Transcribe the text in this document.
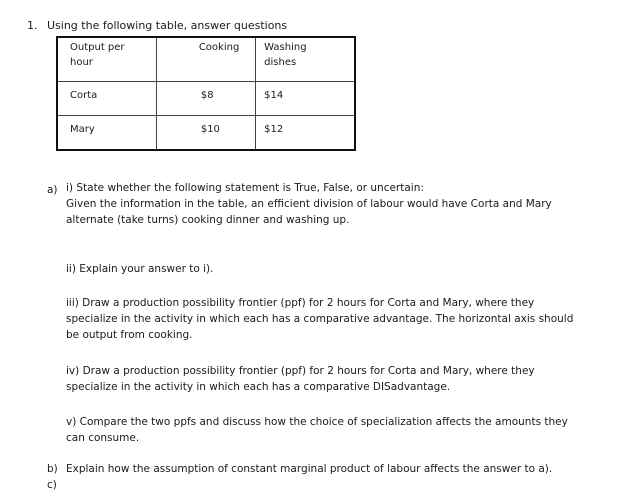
1. Using the following table, answer questions
Output per hour	Cooking	Washing dishes

Corta	$8	$14
Mary	$10	$12
a) i) State whether the following statement is True, False, or uncertain:
Given the information in the table, an efficient division of labour would have Corta and Mary
alternate (take turns) cooking dinner and washing up.
ii) Explain your answer to i).
iii) Draw a production possibility frontier (ppf) for 2 hours for Corta and Mary, where they
specialize in the activity in which each has a comparative advantage. The horizontal axis should
be output from cooking.
iv) Draw a production possibility frontier (ppf) for 2 hours for Corta and Mary, where they
specialize in the activity in which each has a comparative DISadvantage.
v) Compare the two ppfs and discuss how the choice of specialization affects the amounts they
can consume.
b) Explain how the assumption of constant marginal product of labour affects the answer to a).
c)
